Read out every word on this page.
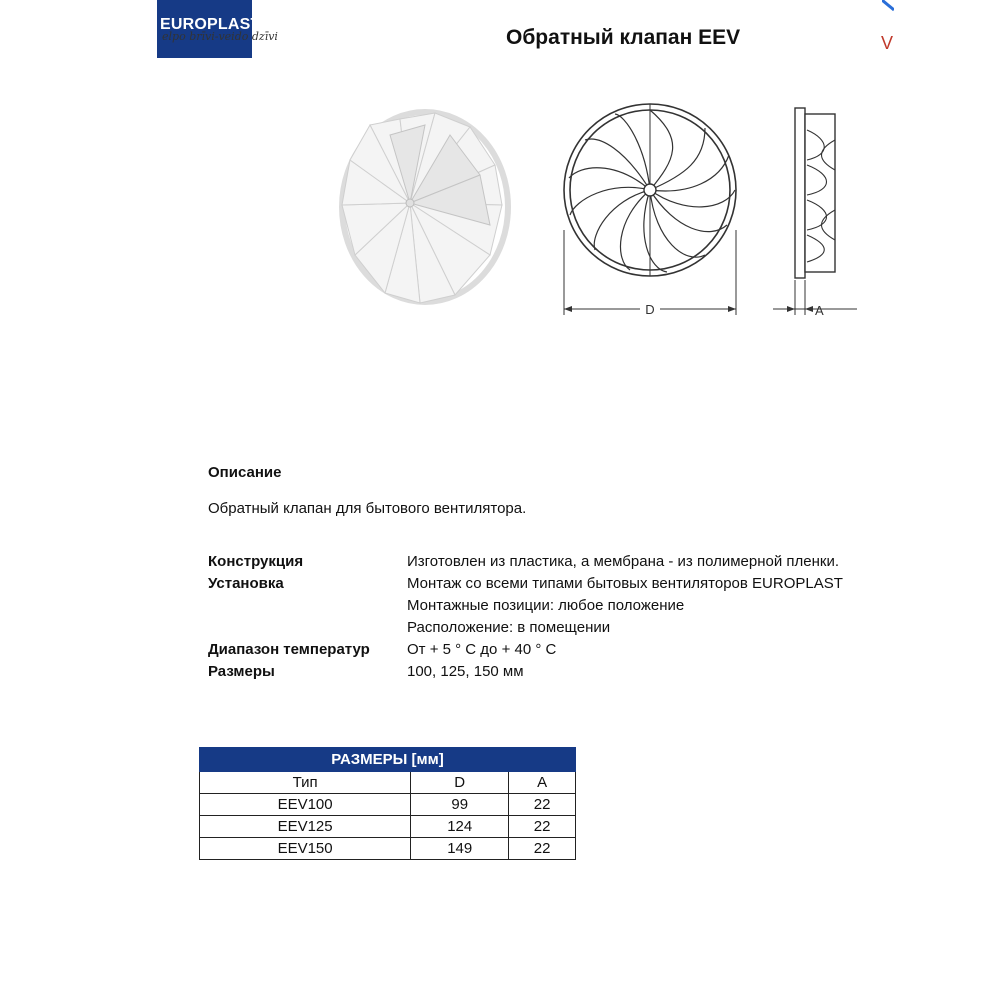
EUROPLAST
elpo brīvi-veido dzīvi	Обратный клапан EEV	V
D	A
Описание
Обратный клапан для бытового вентилятора.
Конструкция	Изготовлен из пластика, а мембрана - из полимерной пленки.
Установка	Монтаж со всеми типами бытовых вентиляторов EUROPLAST
Монтажные позиции: любое положение
Расположение: в помещении
Диапазон температур От + 5 ° С до + 40 ° С
Размеры	100, 125, 150 мм
РАЗМЕРЫ [мм]		
Тип	D	A
EEV100	99	22
EEV125	124	22
EEV150	149	22
